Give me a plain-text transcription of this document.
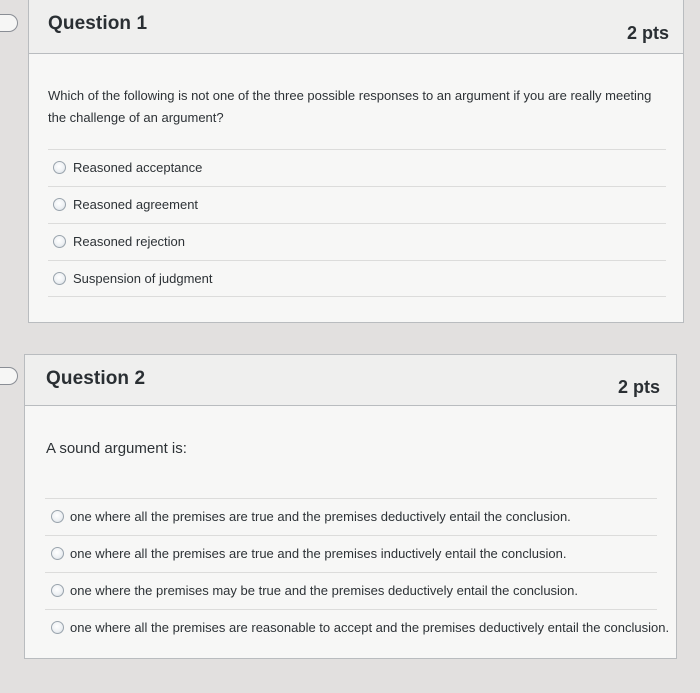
Question 1	2 pts
Which of the following is not one of the three possible responses to an argument if you are really meeting the challenge of an argument?
Reasoned acceptance
Reasoned agreement
Reasoned rejection
Suspension of judgment
Question 2	2 pts
A sound argument is:
one where all the premises are true and the premises deductively entail the conclusion.
one where all the premises are true and the premises inductively entail the conclusion.
one where the premises may be true and the premises deductively entail the conclusion.
one where all the premises are reasonable to accept and the premises deductively entail the conclusion.
